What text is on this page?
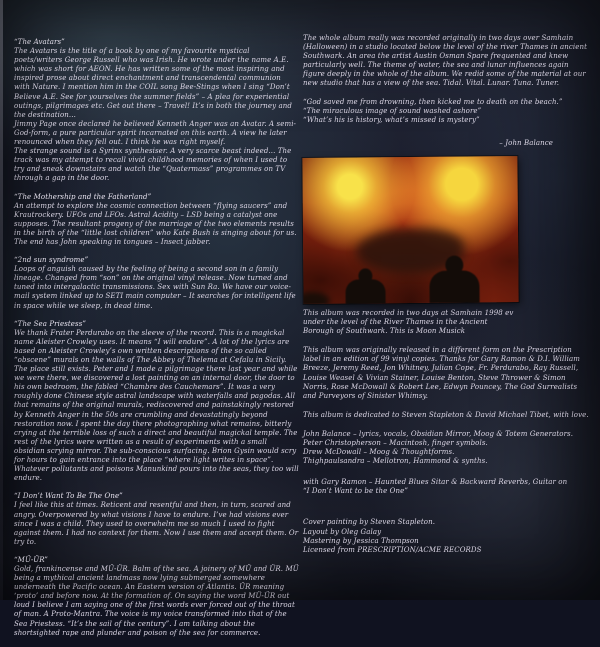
“The Avatars”

The Avatars is the title of a book by one of my favourite mystical poets/writers George Russell who was Irish. He wrote under the name A.E. which was short for AEON. He has written some of the most inspiring and inspired prose about direct enchantment and transcendental communion with Nature. I mention him in the COIL song Bee-Stings when I sing “Don’t Believe A.E. See for yourselves the summer fields” – A plea for experiential outings, pilgrimages etc. Get out there – Travel! It’s in both the journey and the destination...

Jimmy Page once declared he believed Kenneth Anger was an Avatar. A semi-God-form, a pure particular spirit incarnated on this earth. A view he later renounced when they fell out. I think he was right myself.

The strange sound is a Syrinx synthesiser. A very scarce beast indeed... The track was my attempt to recall vivid childhood memories of when I used to try and sneak downstairs and watch the “Quatermass” programmes on TV through a gap in the door.

“The Mothership and the Fatherland”

An attempt to explore the cosmic connection between “flying saucers” and Krautrockery. UFOs and LFOs. Astral Acidity – LSD being a catalyst one supposes. The resultant progeny of the marriage of the two elements results in the birth of the “little lost children” who Kate Bush is singing about for us. The end has John speaking in tongues – Insect jabber.

“2nd sun syndrome”

Loops of anguish caused by the feeling of being a second son in a family lineage. Changed from “son” on the original vinyl release. Now turned and tuned into intergalactic transmissions. Sex with Sun Ra. We have our voice-mail system linked up to SETI main computer – It searches for intelligent life in space while we sleep, in dead time.

“The Sea Priestess”

We thank Frater Perdurabo on the sleeve of the record. This is a magickal name Aleister Crowley uses. It means “I will endure”. A lot of the lyrics are based on Aleister Crowley’s own written descriptions of the so called “obscene” murals on the walls of The Abbey of Thelema at Cefalu in Sicily. The place still exists. Peter and I made a pilgrimage there last year and while we were there, we discovered a lost painting on an internal door, the door to his own bedroom, the fabled “Chambre des Cauchemars”. It was a very roughly done Chinese style astral landscape with waterfalls and pagodas. All that remains of the original murals, rediscovered and painstakingly restored by Kenneth Anger in the 50s are crumbling and devastatingly beyond restoration now. I spent the day there photographing what remains, bitterly crying at the terrible loss of such a direct and beautiful magickal temple. The rest of the lyrics were written as a result of experiments with a small obsidian scrying mirror. The sub-conscious surfacing. Brion Gysin would scry for hours to gain entrance into the place “where light writes in space”. Whatever pollutants and poisons Manunkind pours into the seas, they too will endure.

“I Don’t Want To Be The One”

I feel like this at times. Reticent and resentful and then, in turn, scared and angry. Overpowered by what visions I have to endure. I’ve had visions ever since I was a child. They used to overwhelm me so much I used to fight against them. I had no context for them. Now I use them and accept them. Or try to.

“MÜ-ÜR”

Gold, frankincense and MÜ-ÜR. Balm of the sea. A joinery of MÜ and ÜR. MÜ being a mythical ancient landmass now lying submerged somewhere underneath the Pacific ocean. An Eastern version of Atlantis. ÜR meaning ‘proto’ and before now. At the formation of. On saying the word MÜ-ÜR out loud I believe I am saying one of the first words ever forced out of the throat of man. A Proto-Mantra. The voice is my voice transformed into that of the Sea Priestess. “It’s the sail of the century”. I am talking about the shortsighted rape and plunder and poison of the sea for commerce.

The whole album really was recorded originally in two days over Samhain (Halloween) in a studio located below the level of the river Thames in ancient Southwark. An area the artist Austin Osman Spare frequented and knew particularly well. The theme of water, the sea and lunar influences again figure deeply in the whole of the album. We redid some of the material at our new studio that has a view of the sea. Tidal. Vital. Lunar. Tuna. Tuner.

“God saved me from drowning, then kicked me to death on the beach.”
“The miraculous image of sound washed ashore”
“What’s his is history, what’s missed is mystery”
– John Balance
This album was recorded in two days at Samhain 1998 ev under the level of the River Thames in the Ancient Borough of Southwark. This is Moon Musick

This album was originally released in a different form on the Prescription label in an edition of 99 vinyl copies. Thanks for Gary Ramon & D.I. William Breeze, Jeremy Reed, Jon Whitney, Julian Cope, Fr. Perdurabo, Ray Russell, Louise Weasel & Vivian Stainer, Louise Benton, Steve Thrower & Simon Norris, Rose McDowall & Robert Lee, Edwyn Pouncey, The God Surrealists and Purveyors of Sinister Whimsy.

This album is dedicated to Steven Stapleton & David Michael Tibet, with love.

John Balance – lyrics, vocals, Obsidian Mirror, Moog & Totem Generators.
Peter Christopherson – Macintosh, finger symbols.
Drew McDowall – Moog & Thoughtforms.
Thighpaulsandra – Mellotron, Hammond & synths.
with Gary Ramon – Haunted Blues Sitar & Backward Reverbs, Guitar on
“I Don’t Want to be the One”
Cover painting by Steven Stapleton.
Layout by Oleg Galay
Mastering by Jessica Thompson
Licensed from PRESCRIPTION/ACME RECORDS
